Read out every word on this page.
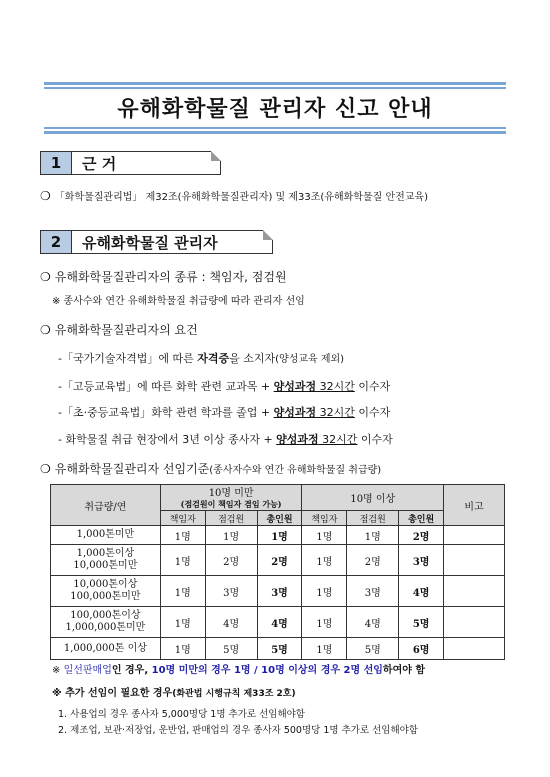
유해화학물질 관리자 신고 안내
1	근 거
❍ 「화학물질관리법」 제32조(유해화학물질관리자) 및 제33조(유해화학물질 안전교육)
2	유해화학물질 관리자
❍ 유해화학물질관리자의 종류 : 책임자, 점검원
※ 종사수와 연간 유해화학물질 취급량에 따라 관리자 선임
❍ 유해화학물질관리자의 요건
-「국가기술자격법」에 따른 자격증을 소지자(양성교육 제외)
-「고등교육법」에 따른 화학 관련 교과목 + 양성과정 32시간 이수자
-「초·중등교육법」화학 관련 학과를 졸업 + 양성과정 32시간 이수자
- 화학물질 취급 현장에서 3년 이상 종사자 + 양성과정 32시간 이수자
❍ 유해화학물질관리자 선임기준(종사자수와 연간 유해화학물질 취급량)
취급량/연	10명 미만
(점검원이 책임자 겸임 가능)			10명 이상			비고
	책임자	점검원	총인원	책임자	점검원	총인원	
1,000톤미만	1명	1명	1명	1명	1명	2명	
1,000톤이상
10,000톤미만	1명	2명	2명	1명	2명	3명	
10,000톤이상
100,000톤미만	1명	3명	3명	1명	3명	4명	
100,000톤이상
1,000,000톤미만	1명	4명	4명	1명	4명	5명	
1,000,000톤 이상	1명	5명	5명	1명	5명	6명	
※ 일선판매업인 경우, 10명 미만의 경우 1명 / 10명 이상의 경우 2명 선임하여야 함
※ 추가 선임이 필요한 경우(화관법 시행규칙 제33조 2호)
1. 사용업의 경우 종사자 5,000명당 1명 추가로 선임해야함
2. 제조업, 보관·저장업, 운반업, 판매업의 경우 종사자 500명당 1명 추가로 선임해야함
